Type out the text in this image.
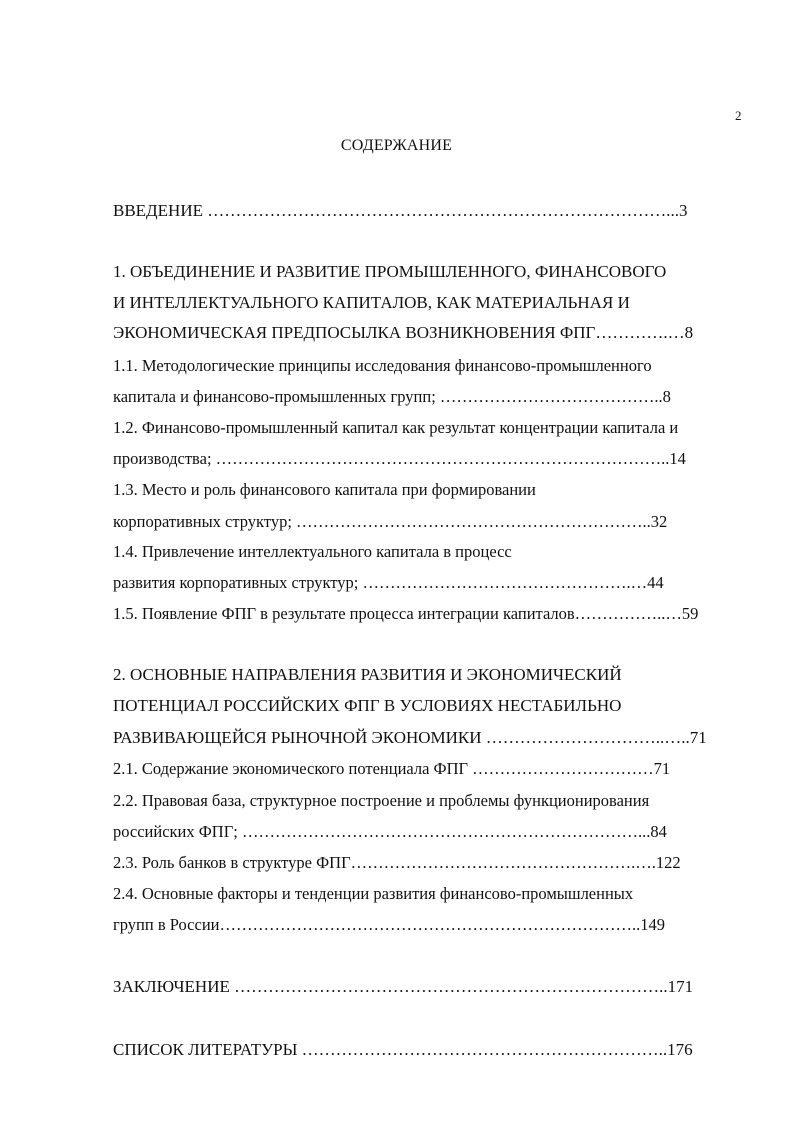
2
СОДЕРЖАНИЕ
ВВЕДЕНИЕ ………………………………………………………………………...3
1. ОБЪЕДИНЕНИЕ И РАЗВИТИЕ ПРОМЫШЛЕННОГО, ФИНАНСОВОГО
И ИНТЕЛЛЕКТУАЛЬНОГО КАПИТАЛОВ, КАК МАТЕРИАЛЬНАЯ И
ЭКОНОМИЧЕСКАЯ ПРЕДПОСЫЛКА ВОЗНИКНОВЕНИЯ ФПГ………….…8
1.1. Методологические принципы исследования финансово-промышленного
капитала и финансово-промышленных групп; …………………………………..8
1.2. Финансово-промышленный капитал как результат концентрации капитала и
производства; ………………………………………………………………………..14
1.3. Место и роль финансового капитала при формировании
корпоративных структур; ………………………………………………………..32
1.4. Привлечение интеллектуального капитала в процесс
развития корпоративных структур; ………………………………………….…44
1.5. Появление ФПГ в результате процесса интеграции капиталов……………..…59
2. ОСНОВНЫЕ НАПРАВЛЕНИЯ РАЗВИТИЯ И ЭКОНОМИЧЕСКИЙ
ПОТЕНЦИАЛ РОССИЙСКИХ ФПГ В УСЛОВИЯХ НЕСТАБИЛЬНО
РАЗВИВАЮЩЕЙСЯ РЫНОЧНОЙ ЭКОНОМИКИ …………………………..…..71
2.1. Содержание экономического потенциала ФПГ ……………………………71
2.2. Правовая база, структурное построение и проблемы функционирования
российских ФПГ; ………………………………………………………………...84
2.3. Роль банков в структуре ФПГ…………………………………………….….122
2.4. Основные факторы и тенденции развития финансово-промышленных
групп в России…………………………………………………………………..149
ЗАКЛЮЧЕНИЕ …………………………………………………………………..171
СПИСОК ЛИТЕРАТУРЫ ………………………………………………………..176
